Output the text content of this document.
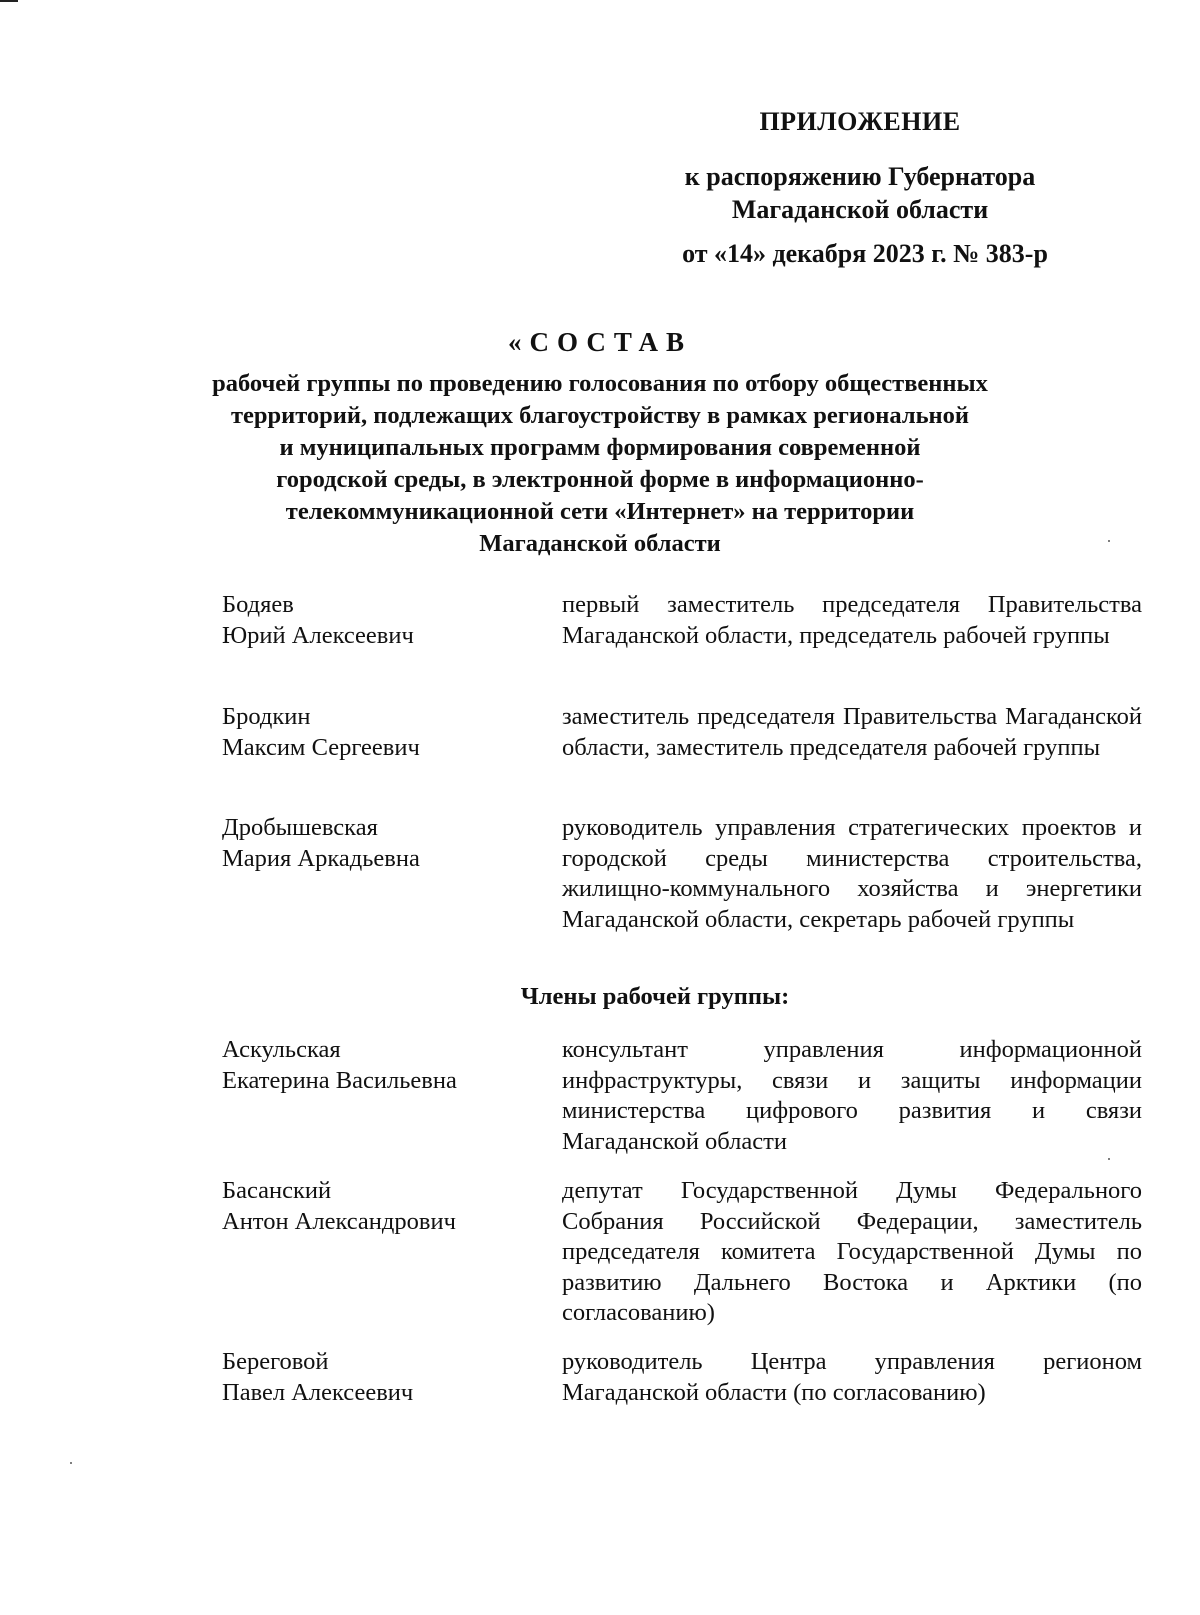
ПРИЛОЖЕНИЕ
к распоряжению Губернатора
Магаданской области
от «14» декабря 2023 г. № 383-р
«СОСТАВ
рабочей группы по проведению голосования по отбору общественных
территорий, подлежащих благоустройству в рамках региональной
и муниципальных программ формирования современной
городской среды, в электронной форме в информационно-
телекоммуникационной сети «Интернет» на территории
Магаданской области
Бодяев
Юрий Алексеевич
первый заместитель председателя Правительства Магаданской области, председатель рабочей группы
Бродкин
Максим Сергеевич
заместитель председателя Правительства Магаданской области, заместитель председателя рабочей группы
Дробышевская
Мария Аркадьевна
руководитель управления стратегических проектов и городской среды министерства строительства, жилищно-коммунального хозяйства и энергетики Магаданской области, секретарь рабочей группы
Члены рабочей группы:
Аскульская
Екатерина Васильевна
консультант управления информационной инфраструктуры, связи и защиты информации министерства цифрового развития и связи Магаданской области
Басанский
Антон Александрович
депутат Государственной Думы Федерального Собрания Российской Федерации, заместитель председателя комитета Государственной Думы по развитию Дальнего Востока и Арктики (по согласованию)
Береговой
Павел Алексеевич
руководитель Центра управления регионом Магаданской области (по согласованию)
